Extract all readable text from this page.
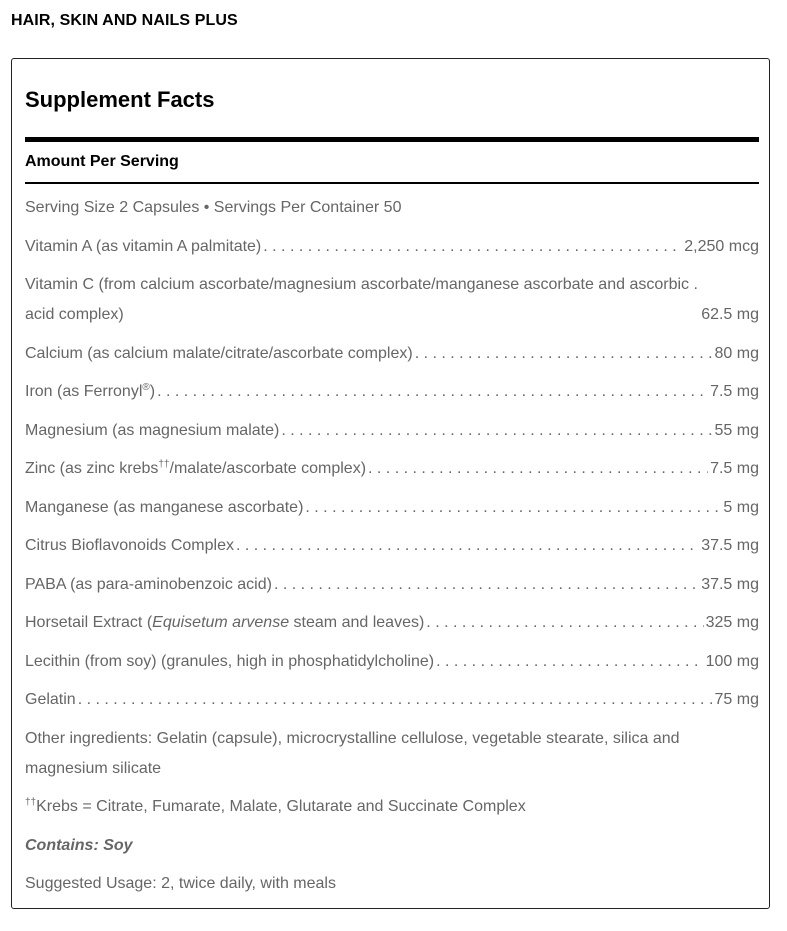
HAIR, SKIN AND NAILS PLUS
Supplement Facts
Amount Per Serving
Serving Size 2 Capsules • Servings Per Container 50
Vitamin A (as vitamin A palmitate) . . .	2,250 mcg
Vitamin C (from calcium ascorbate/magnesium ascorbate/manganese ascorbate and ascorbic .
acid complex)	62.5 mg
Calcium (as calcium malate/citrate/ascorbate complex) . . .	80 mg
Iron (as Ferronyl®) . . .	7.5 mg
Magnesium (as magnesium malate) . . .	55 mg
Zinc (as zinc krebs††/malate/ascorbate complex) . . .	7.5 mg
Manganese (as manganese ascorbate) . . .	5 mg
Citrus Bioflavonoids Complex . . .	37.5 mg
PABA (as para-aminobenzoic acid) . . .	37.5 mg
Horsetail Extract (Equisetum arvense steam and leaves) . . .	325 mg
Lecithin (from soy) (granules, high in phosphatidylcholine) . . .	100 mg
Gelatin . . .	75 mg
Other ingredients: Gelatin (capsule), microcrystalline cellulose, vegetable stearate, silica and magnesium silicate
†† Krebs = Citrate, Fumarate, Malate, Glutarate and Succinate Complex
Contains: Soy
Suggested Usage: 2, twice daily, with meals
